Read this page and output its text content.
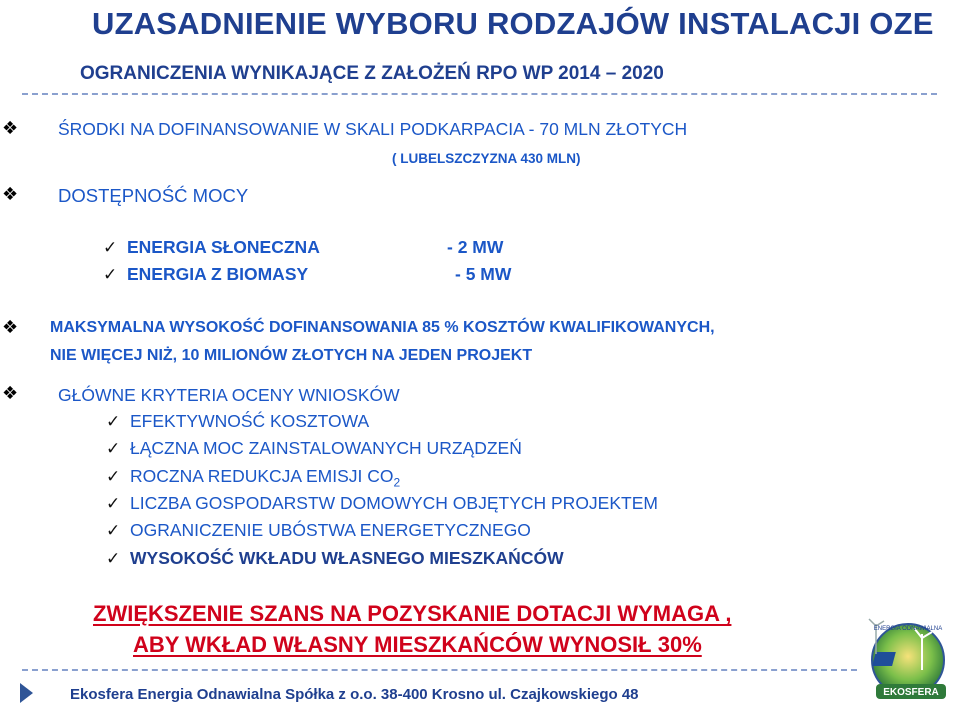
UZASADNIENIE WYBORU RODZAJÓW INSTALACJI OZE
OGRANICZENIA WYNIKAJĄCE Z ZAŁOŻEŃ RPO WP 2014 – 2020
❖ ŚRODKI NA DOFINANSOWANIE W SKALI PODKARPACIA - 70 MLN ZŁOTYCH
( LUBELSZCZYZNA 430 MLN)
❖ DOSTĘPNOŚĆ MOCY
✓ ENERGIA SŁONECZNA	- 2 MW
✓ ENERGIA Z BIOMASY	- 5 MW
❖ MAKSYMALNA WYSOKOŚĆ DOFINANSOWANIA 85 % KOSZTÓW KWALIFIKOWANYCH,
NIE WIĘCEJ NIŻ, 10 MILIONÓW ZŁOTYCH NA JEDEN PROJEKT
❖ GŁÓWNE KRYTERIA OCENY WNIOSKÓW
✓ EFEKTYWNOŚĆ KOSZTOWA
✓ ŁĄCZNA MOC ZAINSTALOWANYCH URZĄDZEŃ
✓ ROCZNA REDUKCJA EMISJI $CO_2$
✓ LICZBA GOSPODARSTW DOMOWYCH OBJĘTYCH PROJEKTEM
✓ OGRANICZENIE UBÓSTWA ENERGETYCZNEGO
✓ WYSOKOŚĆ WKŁADU WŁASNEGO MIESZKAŃCÓW
ZWIĘKSZENIE SZANS NA POZYSKANIE DOTACJI WYMAGA ,
ABY WKŁAD WŁASNY MIESZKAŃCÓW WYNOSIŁ 30%
Ekosfera Energia Odnawialna Spółka z o.o. 38-400 Krosno ul. Czajkowskiego 48
ENERGIA ODNAWIALNA
EKOSFERA
